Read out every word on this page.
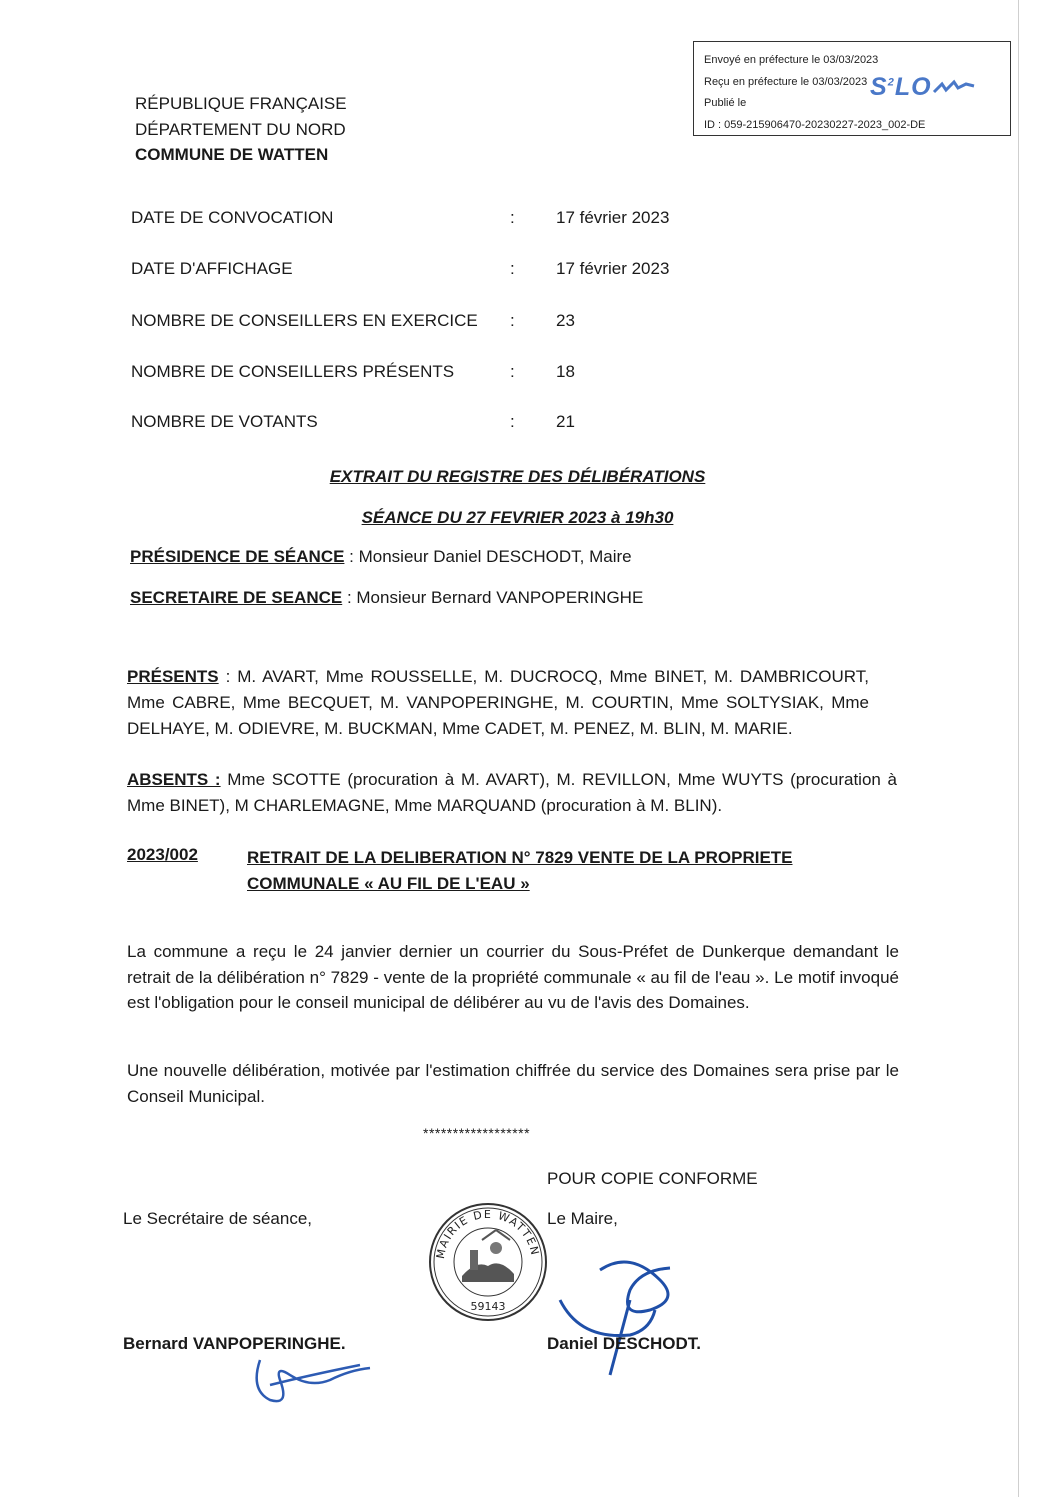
Envoyé en préfecture le 03/03/2023
Reçu en préfecture le 03/03/2023
Publié le
ID : 059-215906470-20230227-2023_002-DE
$S^2LO$
RÉPUBLIQUE FRANÇAISE
DÉPARTEMENT DU NORD
COMMUNE DE WATTEN
DATE DE CONVOCATION	: 17 février 2023
DATE D'AFFICHAGE	: 17 février 2023
NOMBRE DE CONSEILLERS EN EXERCICE : 23
NOMBRE DE CONSEILLERS PRÉSENTS	: 18
NOMBRE DE VOTANTS	: 21
EXTRAIT DU REGISTRE DES DÉLIBÉRATIONS
SÉANCE DU 27 FEVRIER 2023 à 19h30
PRÉSIDENCE DE SÉANCE : Monsieur Daniel DESCHODT, Maire
SECRETAIRE DE SEANCE : Monsieur Bernard VANPOPERINGHE
PRÉSENTS : M. AVART, Mme ROUSSELLE, M. DUCROCQ, Mme BINET, M. DAMBRICOURT, Mme CABRE, Mme BECQUET, M. VANPOPERINGHE, M. COURTIN, Mme SOLTYSIAK, Mme DELHAYE, M. ODIEVRE, M. BUCKMAN, Mme CADET, M. PENEZ, M. BLIN, M. MARIE.
ABSENTS : Mme SCOTTE (procuration à M. AVART), M. REVILLON, Mme WUYTS (procuration à Mme BINET), M CHARLEMAGNE, Mme MARQUAND (procuration à M. BLIN).
2023/002	RETRAIT DE LA DELIBERATION N° 7829 VENTE DE LA PROPRIETE COMMUNALE « AU FIL DE L'EAU »
La commune a reçu le 24 janvier dernier un courrier du Sous-Préfet de Dunkerque demandant le retrait de la délibération n° 7829 - vente de la propriété communale « au fil de l'eau ». Le motif invoqué est l'obligation pour le conseil municipal de délibérer au vu de l'avis des Domaines.
Une nouvelle délibération, motivée par l'estimation chiffrée du service des Domaines sera prise par le Conseil Municipal.
******************
POUR COPIE CONFORME
Le Secrétaire de séance,	Le Maire,
MAIRIE DE WATTEN
59143
Bernard VANPOPERINGHE.	Daniel DESCHODT.
